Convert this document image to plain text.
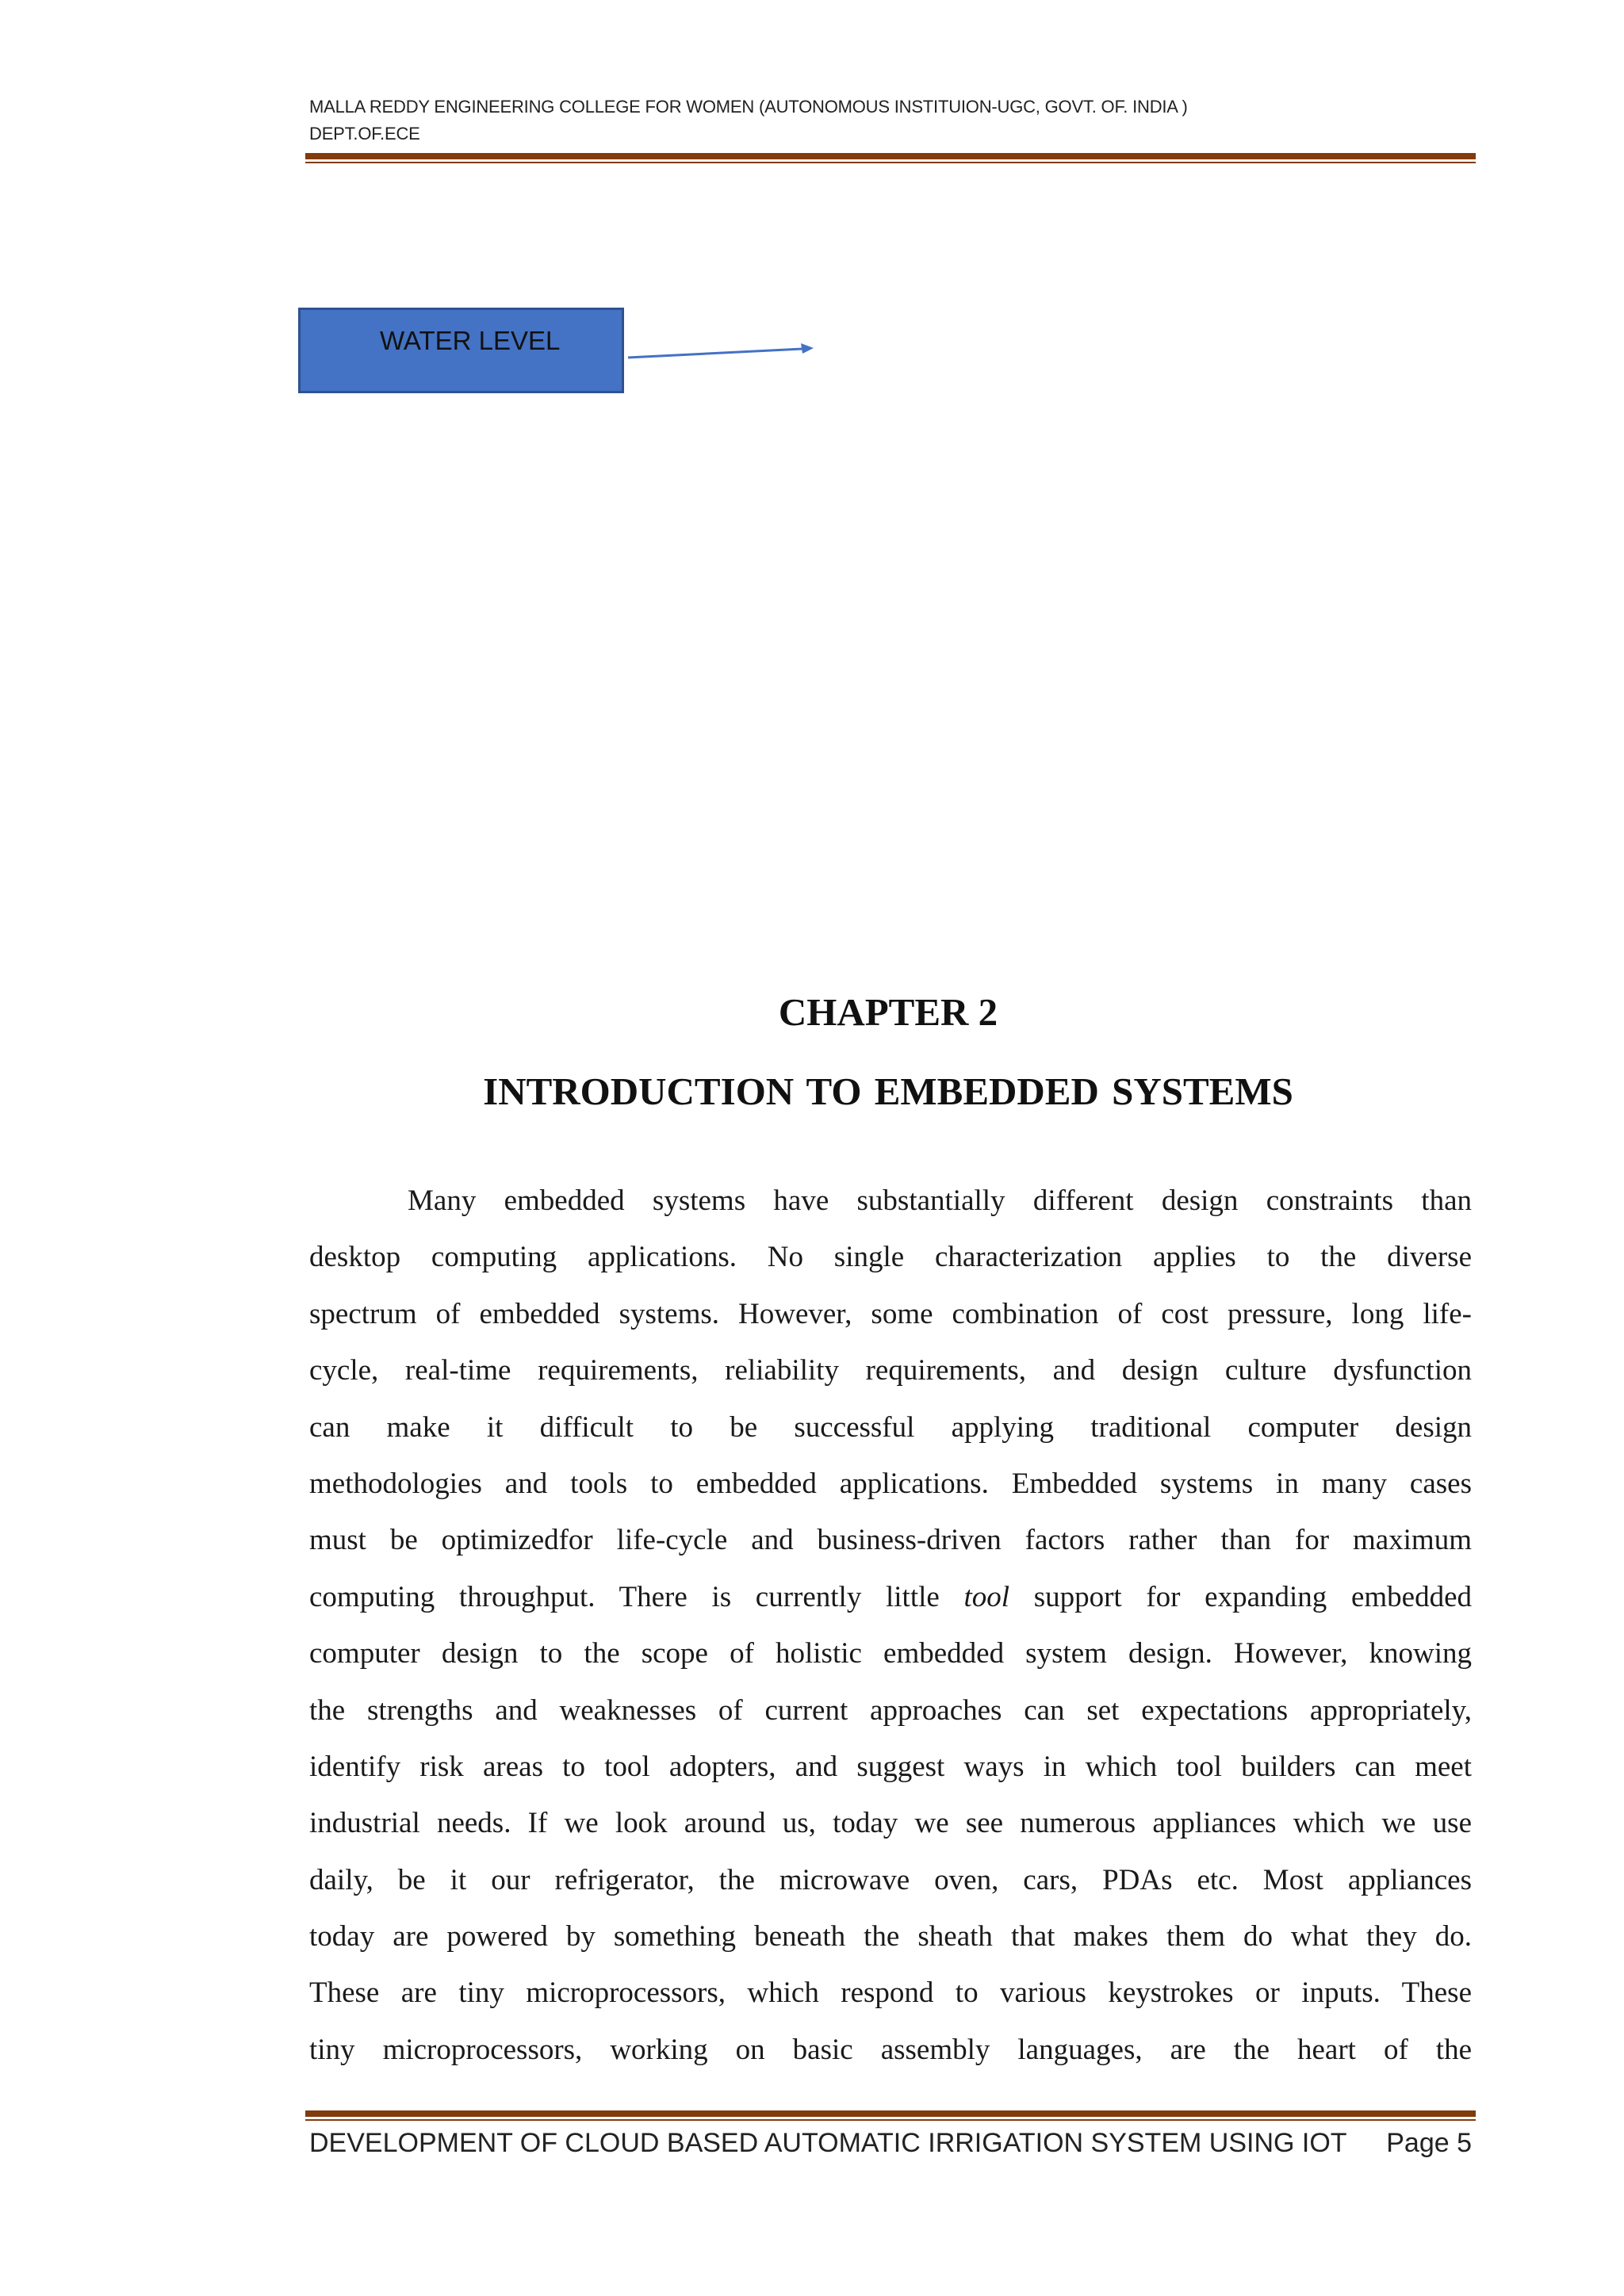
MALLA REDDY ENGINEERING COLLEGE FOR WOMEN (AUTONOMOUS INSTITUION-UGC, GOVT. OF. INDIA )
DEPT.OF.ECE
WATER LEVEL
CHAPTER 2
INTRODUCTION TO EMBEDDED SYSTEMS
Many embedded systems have substantially different design constraints than
desktop computing applications. No single characterization applies to the diverse
spectrum of embedded systems. However, some combination of cost pressure, long life-
cycle, real-time requirements, reliability requirements, and design culture dysfunction
can make it difficult to be successful applying traditional computer design
methodologies and tools to embedded applications. Embedded systems in many cases
must be optimizedfor life-cycle and business-driven factors rather than for maximum
computing throughput. There is currently little tool support for expanding embedded
computer design to the scope of holistic embedded system design. However, knowing
the strengths and weaknesses of current approaches can set expectations appropriately,
identify risk areas to tool adopters, and suggest ways in which tool builders can meet
industrial needs. If we look around us, today we see numerous appliances which we use
daily, be it our refrigerator, the microwave oven, cars, PDAs etc. Most appliances
today are powered by something beneath the sheath that makes them do what they do.
These are tiny microprocessors, which respond to various keystrokes or inputs. These
tiny microprocessors, working on basic assembly languages, are the heart of the
DEVELOPMENT OF CLOUD BASED AUTOMATIC IRRIGATION SYSTEM USING IOT Page 5
